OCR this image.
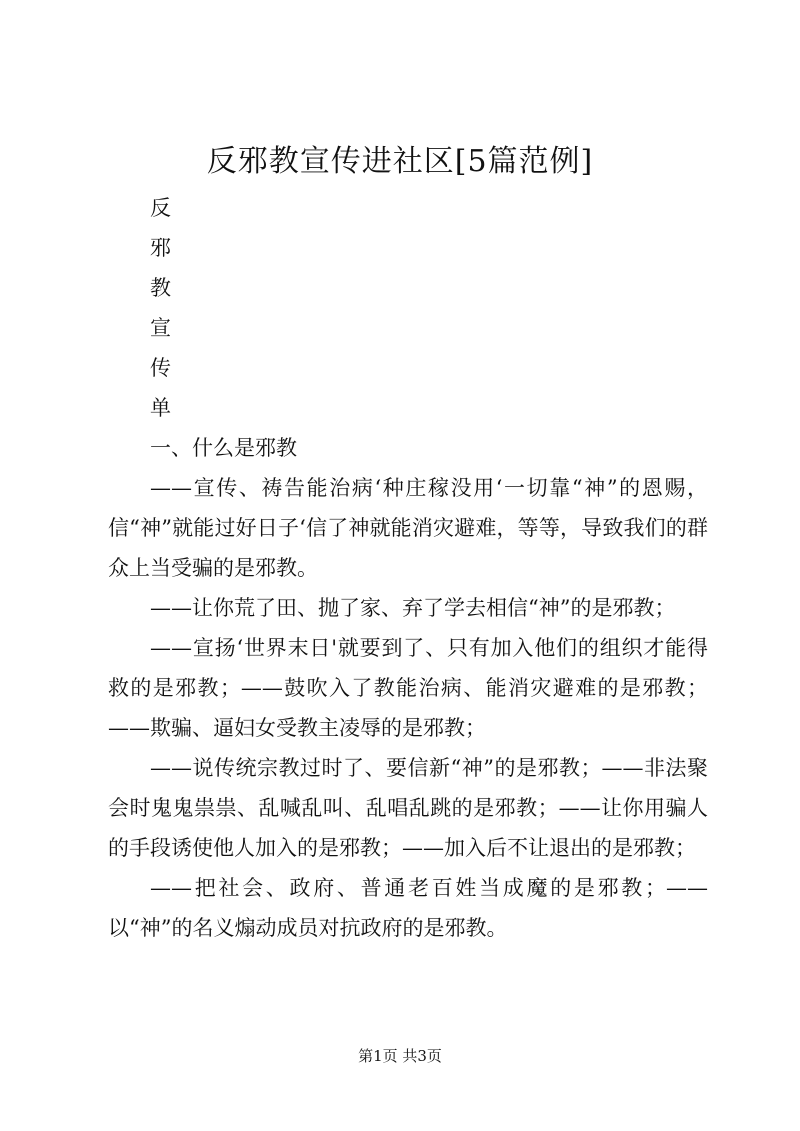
反邪教宣传进社区[5篇范例]
反
邪
教
宣
传
单

一、什么是邪教

——宣传、祷告能治病‘种庄稼没用‘一切靠“神”的恩赐，信“神”就能过好日子‘信了神就能消灾避难，等等，导致我们的群众上当受骗的是邪教。

——让你荒了田、抛了家、弃了学去相信“神”的是邪教；

——宣扬‘世界末日'就要到了、只有加入他们的组织才能得救的是邪教；——鼓吹入了教能治病、能消灾避难的是邪教；——欺骗、逼妇女受教主凌辱的是邪教；

——说传统宗教过时了、要信新“神”的是邪教；——非法聚会时鬼鬼祟祟、乱喊乱叫、乱唱乱跳的是邪教；——让你用骗人的手段诱使他人加入的是邪教；——加入后不让退出的是邪教；

——把社会、政府、普通老百姓当成魔的是邪教；——以“神”的名义煽动成员对抗政府的是邪教。

第1页 共3页
